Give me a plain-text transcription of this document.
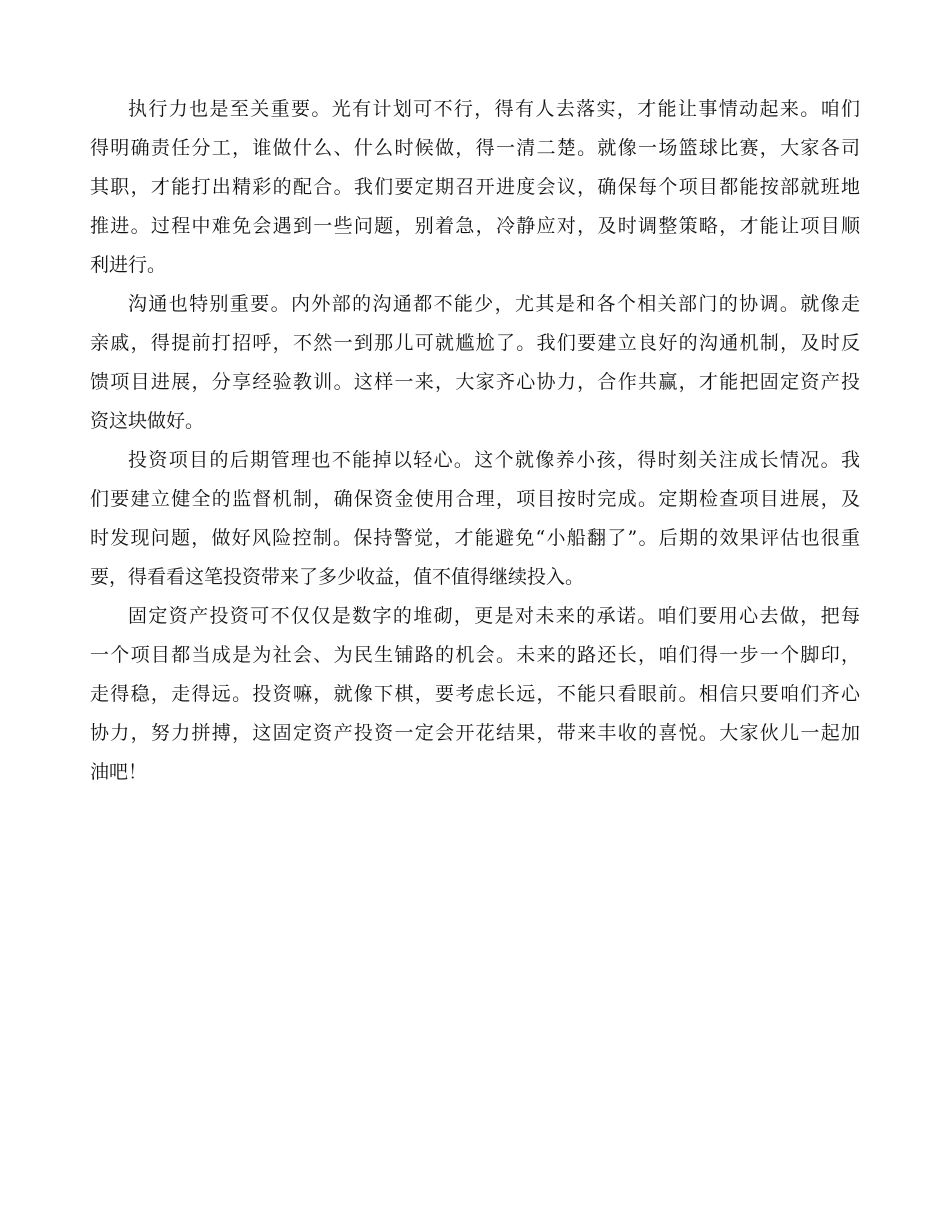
执行力也是至关重要。光有计划可不行，得有人去落实，才能让事情动起来。咱们
得明确责任分工，谁做什么、什么时候做，得一清二楚。就像一场篮球比赛，大家各司
其职，才能打出精彩的配合。我们要定期召开进度会议，确保每个项目都能按部就班地
推进。过程中难免会遇到一些问题，别着急，冷静应对，及时调整策略，才能让项目顺
利进行。
沟通也特别重要。内外部的沟通都不能少，尤其是和各个相关部门的协调。就像走
亲戚，得提前打招呼，不然一到那儿可就尴尬了。我们要建立良好的沟通机制，及时反
馈项目进展，分享经验教训。这样一来，大家齐心协力，合作共赢，才能把固定资产投
资这块做好。
投资项目的后期管理也不能掉以轻心。这个就像养小孩，得时刻关注成长情况。我
们要建立健全的监督机制，确保资金使用合理，项目按时完成。定期检查项目进展，及
时发现问题，做好风险控制。保持警觉，才能避免“小船翻了”。后期的效果评估也很重
要，得看看这笔投资带来了多少收益，值不值得继续投入。
固定资产投资可不仅仅是数字的堆砌，更是对未来的承诺。咱们要用心去做，把每
一个项目都当成是为社会、为民生铺路的机会。未来的路还长，咱们得一步一个脚印，
走得稳，走得远。投资嘛，就像下棋，要考虑长远，不能只看眼前。相信只要咱们齐心
协力，努力拼搏，这固定资产投资一定会开花结果，带来丰收的喜悦。大家伙儿一起加
油吧！
